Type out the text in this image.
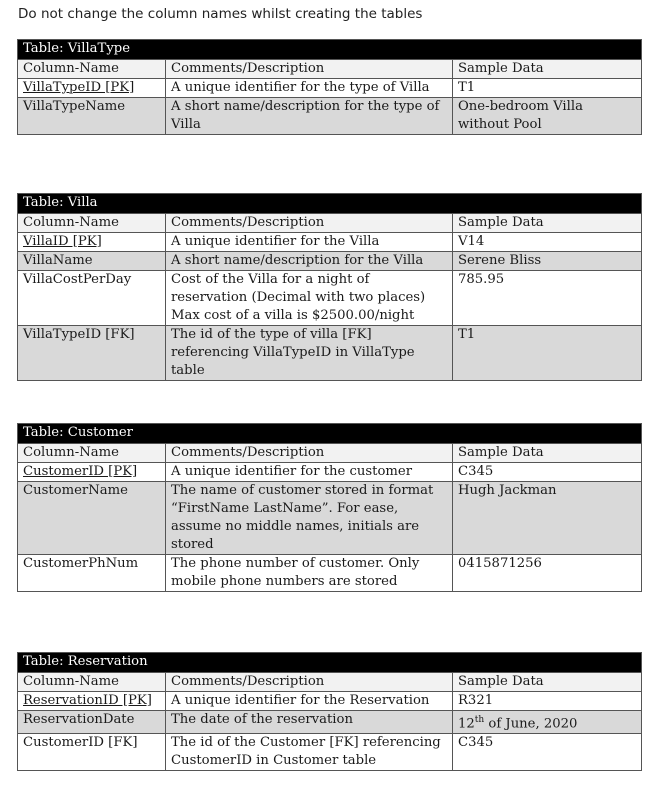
Do not change the column names whilst creating the tables
Table: VillaType		
Column-Name	Comments/Description	Sample Data
VillaTypeID [PK]	A unique identifier for the type of Villa	T1
VillaTypeName	A short name/description for the type of Villa	One-bedroom Villa without Pool
Table: Villa		
Column-Name	Comments/Description	Sample Data
VillaID [PK]	A unique identifier for the Villa	V14
VillaName	A short name/description for the Villa	Serene Bliss
VillaCostPerDay	Cost of the Villa for a night of reservation (Decimal with two places) Max cost of a villa is $2500.00/night	785.95
VillaTypeID [FK]	The id of the type of villa [FK] referencing VillaTypeID in VillaType table	T1
Table: Customer		
Column-Name	Comments/Description	Sample Data
CustomerID [PK]	A unique identifier for the customer	C345
CustomerName	The name of customer stored in format “FirstName LastName”. For ease, assume no middle names, initials are stored	Hugh Jackman
CustomerPhNum	The phone number of customer. Only mobile phone numbers are stored	0415871256
Table: Reservation		
Column-Name	Comments/Description	Sample Data
ReservationID [PK]	A unique identifier for the Reservation	R321
ReservationDate	The date of the reservation	12th of June, 2020
CustomerID [FK]	The id of the Customer [FK] referencing CustomerID in Customer table	C345
